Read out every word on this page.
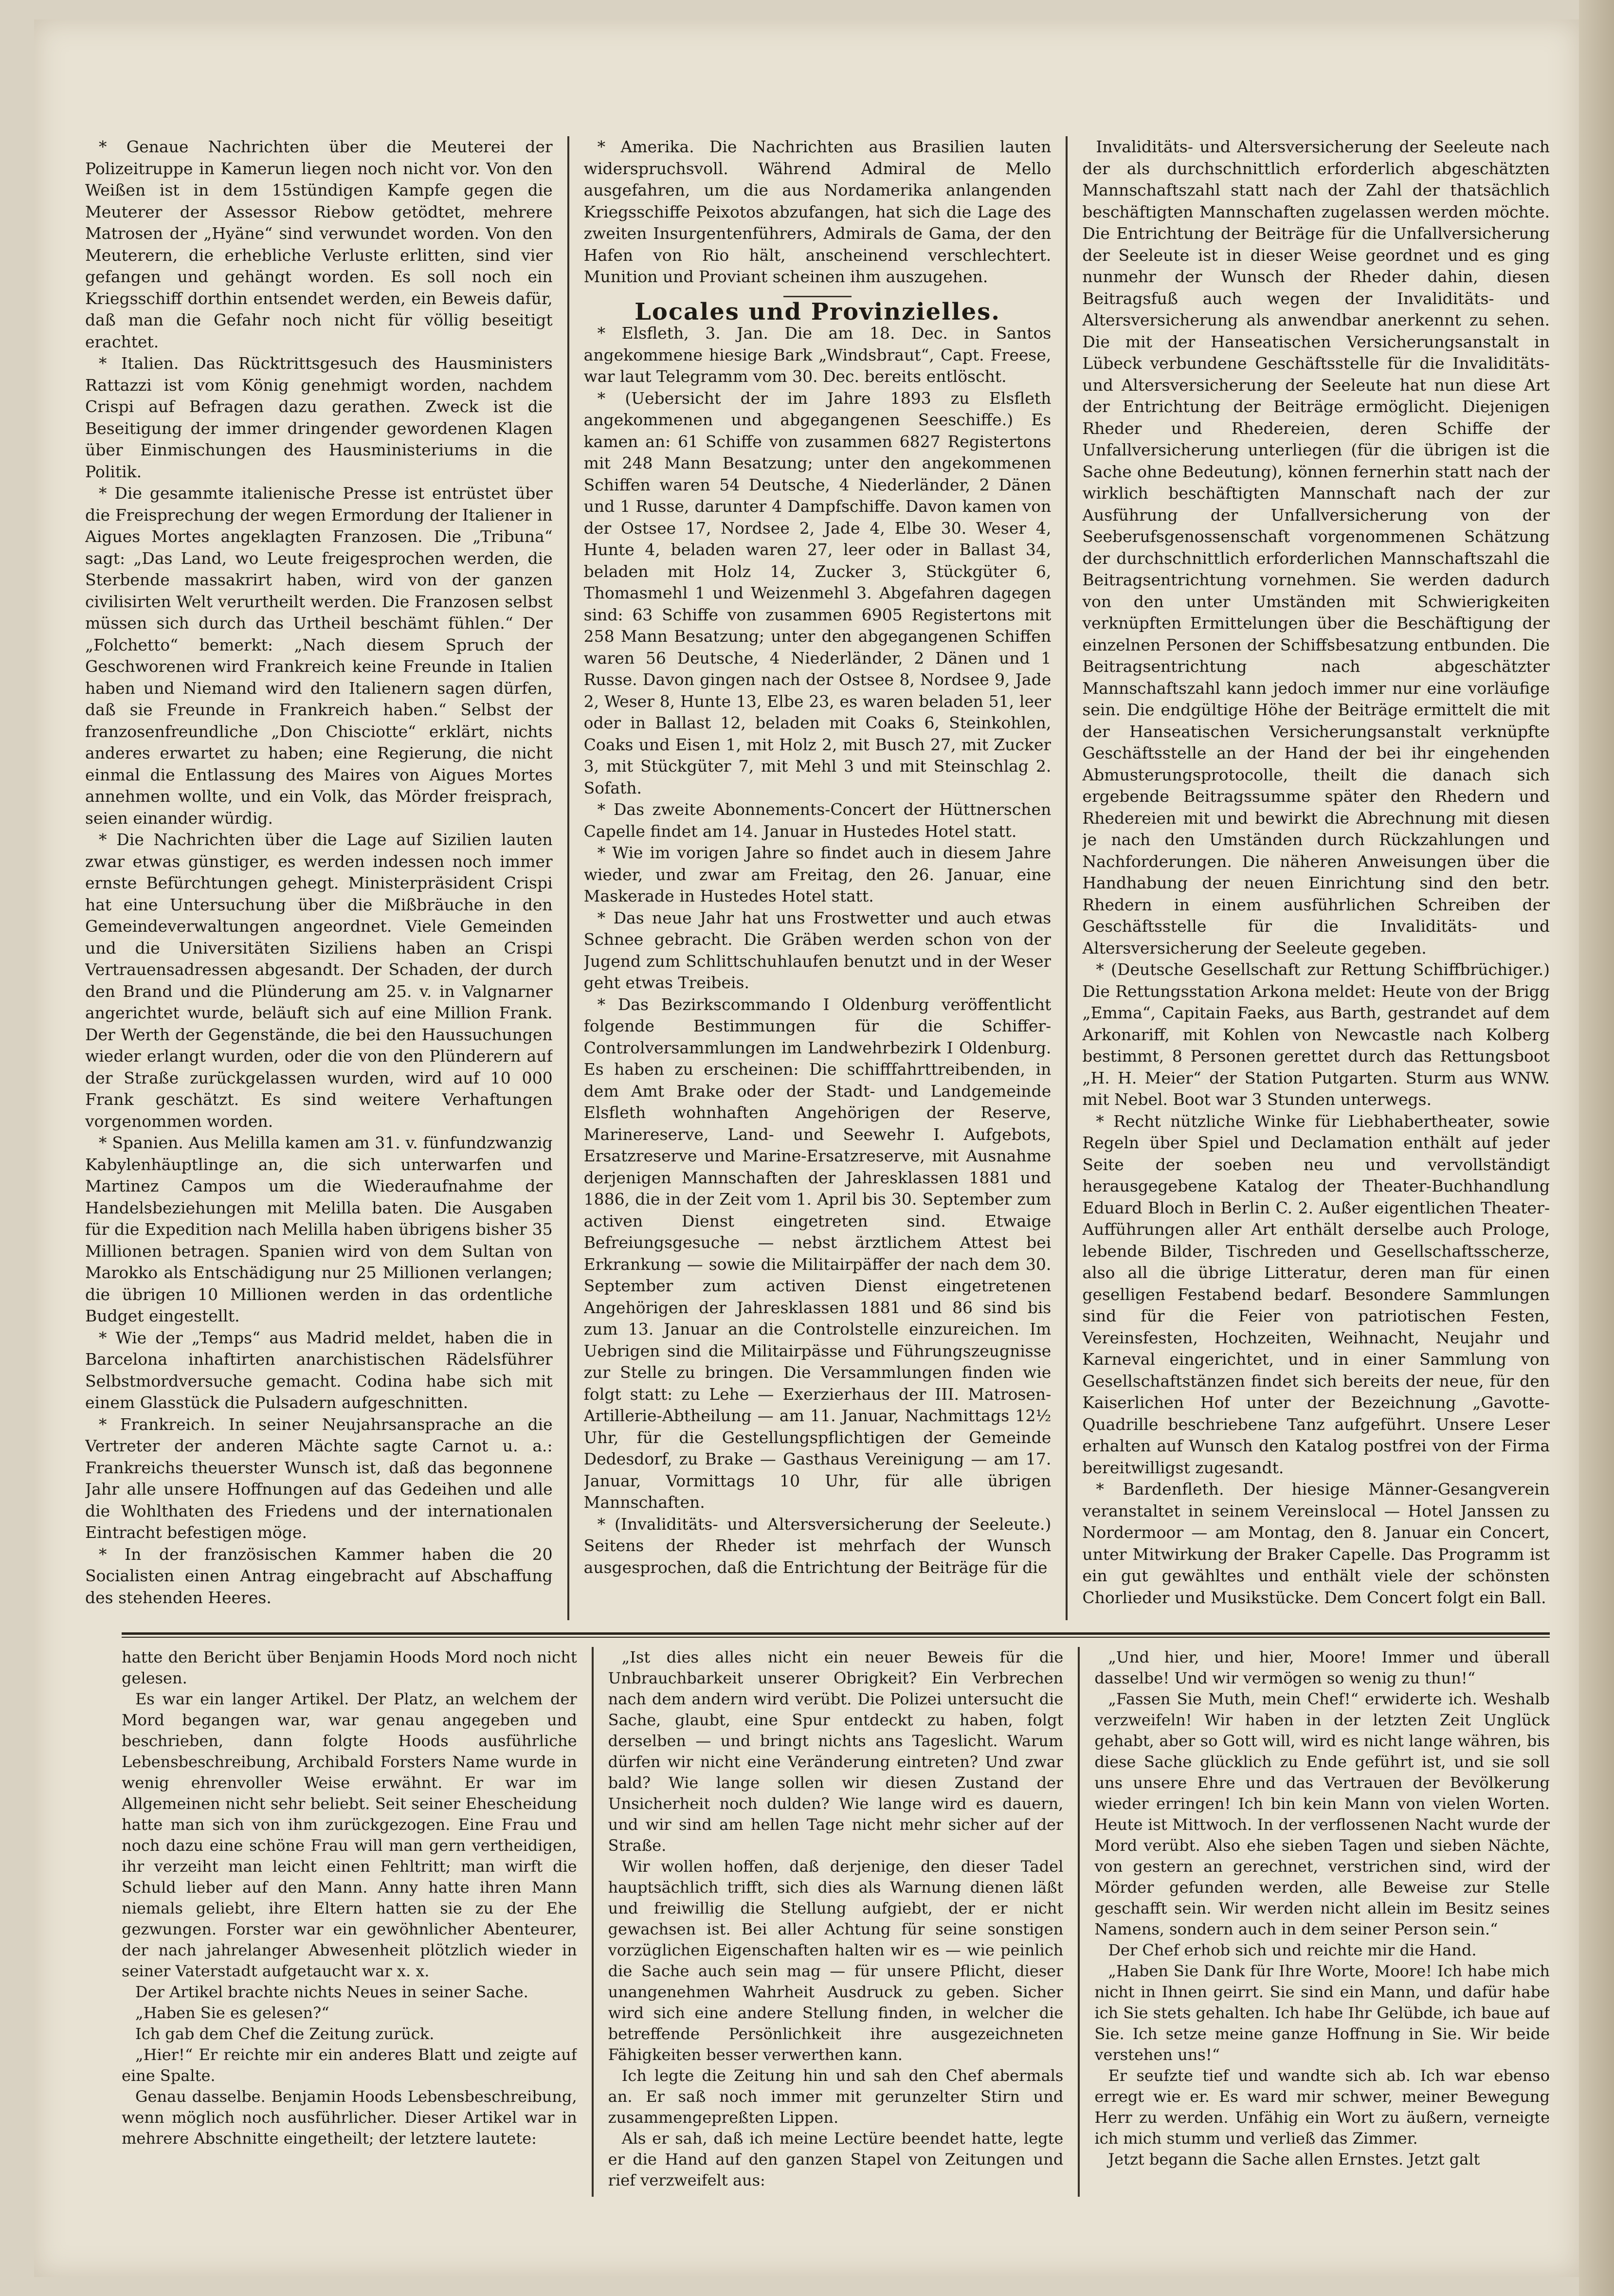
* Genaue Nachrichten über die Meuterei der Polizeitruppe in Kamerun liegen noch nicht vor. Von den Weißen ist in dem 15stündigen Kampfe gegen die Meuterer der Assessor Riebow getödtet, mehrere Matrosen der „Hyäne“ sind verwundet worden. Von den Meuterern, die erhebliche Verluste erlitten, sind vier gefangen und gehängt worden. Es soll noch ein Kriegsschiff dorthin entsendet werden, ein Beweis dafür, daß man die Gefahr noch nicht für völlig beseitigt erachtet.

* Italien. Das Rücktrittsgesuch des Hausministers Rattazzi ist vom König genehmigt worden, nachdem Crispi auf Befragen dazu gerathen. Zweck ist die Beseitigung der immer dringender gewordenen Klagen über Einmischungen des Hausministeriums in die Politik.

* Die gesammte italienische Presse ist entrüstet über die Freisprechung der wegen Ermordung der Italiener in Aigues Mortes angeklagten Franzosen. Die „Tribuna“ sagt: „Das Land, wo Leute freigesprochen werden, die Sterbende massakrirt haben, wird von der ganzen civilisirten Welt verurtheilt werden. Die Franzosen selbst müssen sich durch das Urtheil beschämt fühlen.“ Der „Folchetto“ bemerkt: „Nach diesem Spruch der Geschworenen wird Frankreich keine Freunde in Italien haben und Niemand wird den Italienern sagen dürfen, daß sie Freunde in Frankreich haben.“ Selbst der franzosenfreundliche „Don Chisciotte“ erklärt, nichts anderes erwartet zu haben; eine Regierung, die nicht einmal die Entlassung des Maires von Aigues Mortes annehmen wollte, und ein Volk, das Mörder freisprach, seien einander würdig.

* Die Nachrichten über die Lage auf Sizilien lauten zwar etwas günstiger, es werden indessen noch immer ernste Befürchtungen gehegt. Ministerpräsident Crispi hat eine Untersuchung über die Mißbräuche in den Gemeindeverwaltungen angeordnet. Viele Gemeinden und die Universitäten Siziliens haben an Crispi Vertrauensadressen abgesandt. Der Schaden, der durch den Brand und die Plünderung am 25. v. in Valgnarner angerichtet wurde, beläuft sich auf eine Million Frank. Der Werth der Gegenstände, die bei den Haussuchungen wieder erlangt wurden, oder die von den Plünderern auf der Straße zurückgelassen wurden, wird auf 10 000 Frank geschätzt. Es sind weitere Verhaftungen vorgenommen worden.

* Spanien. Aus Melilla kamen am 31. v. fünfundzwanzig Kabylenhäuptlinge an, die sich unterwarfen und Martinez Campos um die Wiederaufnahme der Handelsbeziehungen mit Melilla baten. Die Ausgaben für die Expedition nach Melilla haben übrigens bisher 35 Millionen betragen. Spanien wird von dem Sultan von Marokko als Entschädigung nur 25 Millionen verlangen; die übrigen 10 Millionen werden in das ordentliche Budget eingestellt.

* Wie der „Temps“ aus Madrid meldet, haben die in Barcelona inhaftirten anarchistischen Rädelsführer Selbstmordversuche gemacht. Codina habe sich mit einem Glasstück die Pulsadern aufgeschnitten.

* Frankreich. In seiner Neujahrsansprache an die Vertreter der anderen Mächte sagte Carnot u. a.: Frankreichs theuerster Wunsch ist, daß das begonnene Jahr alle unsere Hoffnungen auf das Gedeihen und alle die Wohlthaten des Friedens und der internationalen Eintracht befestigen möge.

* In der französischen Kammer haben die 20 Socialisten einen Antrag eingebracht auf Abschaffung des stehenden Heeres.

* Amerika. Die Nachrichten aus Brasilien lauten widerspruchsvoll. Während Admiral de Mello ausgefahren, um die aus Nordamerika anlangenden Kriegsschiffe Peixotos abzufangen, hat sich die Lage des zweiten Insurgentenführers, Admirals de Gama, der den Hafen von Rio hält, anscheinend verschlechtert. Munition und Proviant scheinen ihm auszugehen.

Locales und Provinzielles.

* Elsfleth, 3. Jan. Die am 18. Dec. in Santos angekommene hiesige Bark „Windsbraut“, Capt. Freese, war laut Telegramm vom 30. Dec. bereits entlöscht.

* (Uebersicht der im Jahre 1893 zu Elsfleth angekommenen und abgegangenen Seeschiffe.) Es kamen an: 61 Schiffe von zusammen 6827 Registertons mit 248 Mann Besatzung; unter den angekommenen Schiffen waren 54 Deutsche, 4 Niederländer, 2 Dänen und 1 Russe, darunter 4 Dampfschiffe. Davon kamen von der Ostsee 17, Nordsee 2, Jade 4, Elbe 30. Weser 4, Hunte 4, beladen waren 27, leer oder in Ballast 34, beladen mit Holz 14, Zucker 3, Stückgüter 6, Thomasmehl 1 und Weizenmehl 3. Abgefahren dagegen sind: 63 Schiffe von zusammen 6905 Registertons mit 258 Mann Besatzung; unter den abgegangenen Schiffen waren 56 Deutsche, 4 Niederländer, 2 Dänen und 1 Russe. Davon gingen nach der Ostsee 8, Nordsee 9, Jade 2, Weser 8, Hunte 13, Elbe 23, es waren beladen 51, leer oder in Ballast 12, beladen mit Coaks 6, Steinkohlen, Coaks und Eisen 1, mit Holz 2, mit Busch 27, mit Zucker 3, mit Stückgüter 7, mit Mehl 3 und mit Steinschlag 2. Sofath.

* Das zweite Abonnements-Concert der Hüttnerschen Capelle findet am 14. Januar in Hustedes Hotel statt.

* Wie im vorigen Jahre so findet auch in diesem Jahre wieder, und zwar am Freitag, den 26. Januar, eine Maskerade in Hustedes Hotel statt.

* Das neue Jahr hat uns Frostwetter und auch etwas Schnee gebracht. Die Gräben werden schon von der Jugend zum Schlittschuhlaufen benutzt und in der Weser geht etwas Treibeis.

* Das Bezirkscommando I Oldenburg veröffentlicht folgende Bestimmungen für die Schiffer-Controlversammlungen im Landwehrbezirk I Oldenburg. Es haben zu erscheinen: Die schifffahrttreibenden, in dem Amt Brake oder der Stadt- und Landgemeinde Elsfleth wohnhaften Angehörigen der Reserve, Marinereserve, Land- und Seewehr I. Aufgebots, Ersatzreserve und Marine-Ersatzreserve, mit Ausnahme derjenigen Mannschaften der Jahresklassen 1881 und 1886, die in der Zeit vom 1. April bis 30. September zum activen Dienst eingetreten sind. Etwaige Befreiungsgesuche — nebst ärztlichem Attest bei Erkrankung — sowie die Militairpäffer der nach dem 30. September zum activen Dienst eingetretenen Angehörigen der Jahresklassen 1881 und 86 sind bis zum 13. Januar an die Controlstelle einzureichen. Im Uebrigen sind die Militairpässe und Führungszeugnisse zur Stelle zu bringen. Die Versammlungen finden wie folgt statt: zu Lehe — Exerzierhaus der III. Matrosen-Artillerie-Abtheilung — am 11. Januar, Nachmittags 12½ Uhr, für die Gestellungspflichtigen der Gemeinde Dedesdorf, zu Brake — Gasthaus Vereinigung — am 17. Januar, Vormittags 10 Uhr, für alle übrigen Mannschaften.

* (Invaliditäts- und Altersversicherung der Seeleute.) Seitens der Rheder ist mehrfach der Wunsch ausgesprochen, daß die Entrichtung der Beiträge für die

Invaliditäts- und Altersversicherung der Seeleute nach der als durchschnittlich erforderlich abgeschätzten Mannschaftszahl statt nach der Zahl der thatsächlich beschäftigten Mannschaften zugelassen werden möchte. Die Entrichtung der Beiträge für die Unfallversicherung der Seeleute ist in dieser Weise geordnet und es ging nunmehr der Wunsch der Rheder dahin, diesen Beitragsfuß auch wegen der Invaliditäts- und Altersversicherung als anwendbar anerkennt zu sehen. Die mit der Hanseatischen Versicherungsanstalt in Lübeck verbundene Geschäftsstelle für die Invaliditäts- und Altersversicherung der Seeleute hat nun diese Art der Entrichtung der Beiträge ermöglicht. Diejenigen Rheder und Rhedereien, deren Schiffe der Unfallversicherung unterliegen (für die übrigen ist die Sache ohne Bedeutung), können fernerhin statt nach der wirklich beschäftigten Mannschaft nach der zur Ausführung der Unfallversicherung von der Seeberufsgenossenschaft vorgenommenen Schätzung der durchschnittlich erforderlichen Mannschaftszahl die Beitragsentrichtung vornehmen. Sie werden dadurch von den unter Umständen mit Schwierigkeiten verknüpften Ermittelungen über die Beschäftigung der einzelnen Personen der Schiffsbesatzung entbunden. Die Beitragsentrichtung nach abgeschätzter Mannschaftszahl kann jedoch immer nur eine vorläufige sein. Die endgültige Höhe der Beiträge ermittelt die mit der Hanseatischen Versicherungsanstalt verknüpfte Geschäftsstelle an der Hand der bei ihr eingehenden Abmusterungsprotocolle, theilt die danach sich ergebende Beitragssumme später den Rhedern und Rhedereien mit und bewirkt die Abrechnung mit diesen je nach den Umständen durch Rückzahlungen und Nachforderungen. Die näheren Anweisungen über die Handhabung der neuen Einrichtung sind den betr. Rhedern in einem ausführlichen Schreiben der Geschäftsstelle für die Invaliditäts- und Altersversicherung der Seeleute gegeben.

* (Deutsche Gesellschaft zur Rettung Schiffbrüchiger.) Die Rettungsstation Arkona meldet: Heute von der Brigg „Emma“, Capitain Faeks, aus Barth, gestrandet auf dem Arkonariff, mit Kohlen von Newcastle nach Kolberg bestimmt, 8 Personen gerettet durch das Rettungsboot „H. H. Meier“ der Station Putgarten. Sturm aus WNW. mit Nebel. Boot war 3 Stunden unterwegs.

* Recht nützliche Winke für Liebhabertheater, sowie Regeln über Spiel und Declamation enthält auf jeder Seite der soeben neu und vervollständigt herausgegebene Katalog der Theater-Buchhandlung Eduard Bloch in Berlin C. 2. Außer eigentlichen Theater-Aufführungen aller Art enthält derselbe auch Prologe, lebende Bilder, Tischreden und Gesellschaftsscherze, also all die übrige Litteratur, deren man für einen geselligen Festabend bedarf. Besondere Sammlungen sind für die Feier von patriotischen Festen, Vereinsfesten, Hochzeiten, Weihnacht, Neujahr und Karneval eingerichtet, und in einer Sammlung von Gesellschaftstänzen findet sich bereits der neue, für den Kaiserlichen Hof unter der Bezeichnung „Gavotte-Quadrille beschriebene Tanz aufgeführt. Unsere Leser erhalten auf Wunsch den Katalog postfrei von der Firma bereitwilligst zugesandt.

* Bardenfleth. Der hiesige Männer-Gesangverein veranstaltet in seinem Vereinslocal — Hotel Janssen zu Nordermoor — am Montag, den 8. Januar ein Concert, unter Mitwirkung der Braker Capelle. Das Programm ist ein gut gewähltes und enthält viele der schönsten Chorlieder und Musikstücke. Dem Concert folgt ein Ball.

hatte den Bericht über Benjamin Hoods Mord noch nicht gelesen.

Es war ein langer Artikel. Der Platz, an welchem der Mord begangen war, war genau angegeben und beschrieben, dann folgte Hoods ausführliche Lebensbeschreibung, Archibald Forsters Name wurde in wenig ehrenvoller Weise erwähnt. Er war im Allgemeinen nicht sehr beliebt. Seit seiner Ehescheidung hatte man sich von ihm zurückgezogen. Eine Frau und noch dazu eine schöne Frau will man gern vertheidigen, ihr verzeiht man leicht einen Fehltritt; man wirft die Schuld lieber auf den Mann. Anny hatte ihren Mann niemals geliebt, ihre Eltern hatten sie zu der Ehe gezwungen. Forster war ein gewöhnlicher Abenteurer, der nach jahrelanger Abwesenheit plötzlich wieder in seiner Vaterstadt aufgetaucht war x. x.

Der Artikel brachte nichts Neues in seiner Sache.

„Haben Sie es gelesen?“

Ich gab dem Chef die Zeitung zurück.

„Hier!“ Er reichte mir ein anderes Blatt und zeigte auf eine Spalte.

Genau dasselbe. Benjamin Hoods Lebensbeschreibung, wenn möglich noch ausführlicher. Dieser Artikel war in mehrere Abschnitte eingetheilt; der letztere lautete:

„Ist dies alles nicht ein neuer Beweis für die Unbrauchbarkeit unserer Obrigkeit? Ein Verbrechen nach dem andern wird verübt. Die Polizei untersucht die Sache, glaubt, eine Spur entdeckt zu haben, folgt derselben — und bringt nichts ans Tageslicht. Warum dürfen wir nicht eine Veränderung eintreten? Und zwar bald? Wie lange sollen wir diesen Zustand der Unsicherheit noch dulden? Wie lange wird es dauern, und wir sind am hellen Tage nicht mehr sicher auf der Straße.

Wir wollen hoffen, daß derjenige, den dieser Tadel hauptsächlich trifft, sich dies als Warnung dienen läßt und freiwillig die Stellung aufgiebt, der er nicht gewachsen ist. Bei aller Achtung für seine sonstigen vorzüglichen Eigenschaften halten wir es — wie peinlich die Sache auch sein mag — für unsere Pflicht, dieser unangenehmen Wahrheit Ausdruck zu geben. Sicher wird sich eine andere Stellung finden, in welcher die betreffende Persönlichkeit ihre ausgezeichneten Fähigkeiten besser verwerthen kann.

Ich legte die Zeitung hin und sah den Chef abermals an. Er saß noch immer mit gerunzelter Stirn und zusammengepreßten Lippen.

Als er sah, daß ich meine Lectüre beendet hatte, legte er die Hand auf den ganzen Stapel von Zeitungen und rief verzweifelt aus:

„Und hier, und hier, Moore! Immer und überall dasselbe! Und wir vermögen so wenig zu thun!“

„Fassen Sie Muth, mein Chef!“ erwiderte ich. Weshalb verzweifeln! Wir haben in der letzten Zeit Unglück gehabt, aber so Gott will, wird es nicht lange währen, bis diese Sache glücklich zu Ende geführt ist, und sie soll uns unsere Ehre und das Vertrauen der Bevölkerung wieder erringen! Ich bin kein Mann von vielen Worten. Heute ist Mittwoch. In der verflossenen Nacht wurde der Mord verübt. Also ehe sieben Tagen und sieben Nächte, von gestern an gerechnet, verstrichen sind, wird der Mörder gefunden werden, alle Beweise zur Stelle geschafft sein. Wir werden nicht allein im Besitz seines Namens, sondern auch in dem seiner Person sein.“

Der Chef erhob sich und reichte mir die Hand.

„Haben Sie Dank für Ihre Worte, Moore! Ich habe mich nicht in Ihnen geirrt. Sie sind ein Mann, und dafür habe ich Sie stets gehalten. Ich habe Ihr Gelübde, ich baue auf Sie. Ich setze meine ganze Hoffnung in Sie. Wir beide verstehen uns!“

Er seufzte tief und wandte sich ab. Ich war ebenso erregt wie er. Es ward mir schwer, meiner Bewegung Herr zu werden. Unfähig ein Wort zu äußern, verneigte ich mich stumm und verließ das Zimmer.

Jetzt begann die Sache allen Ernstes. Jetzt galt
